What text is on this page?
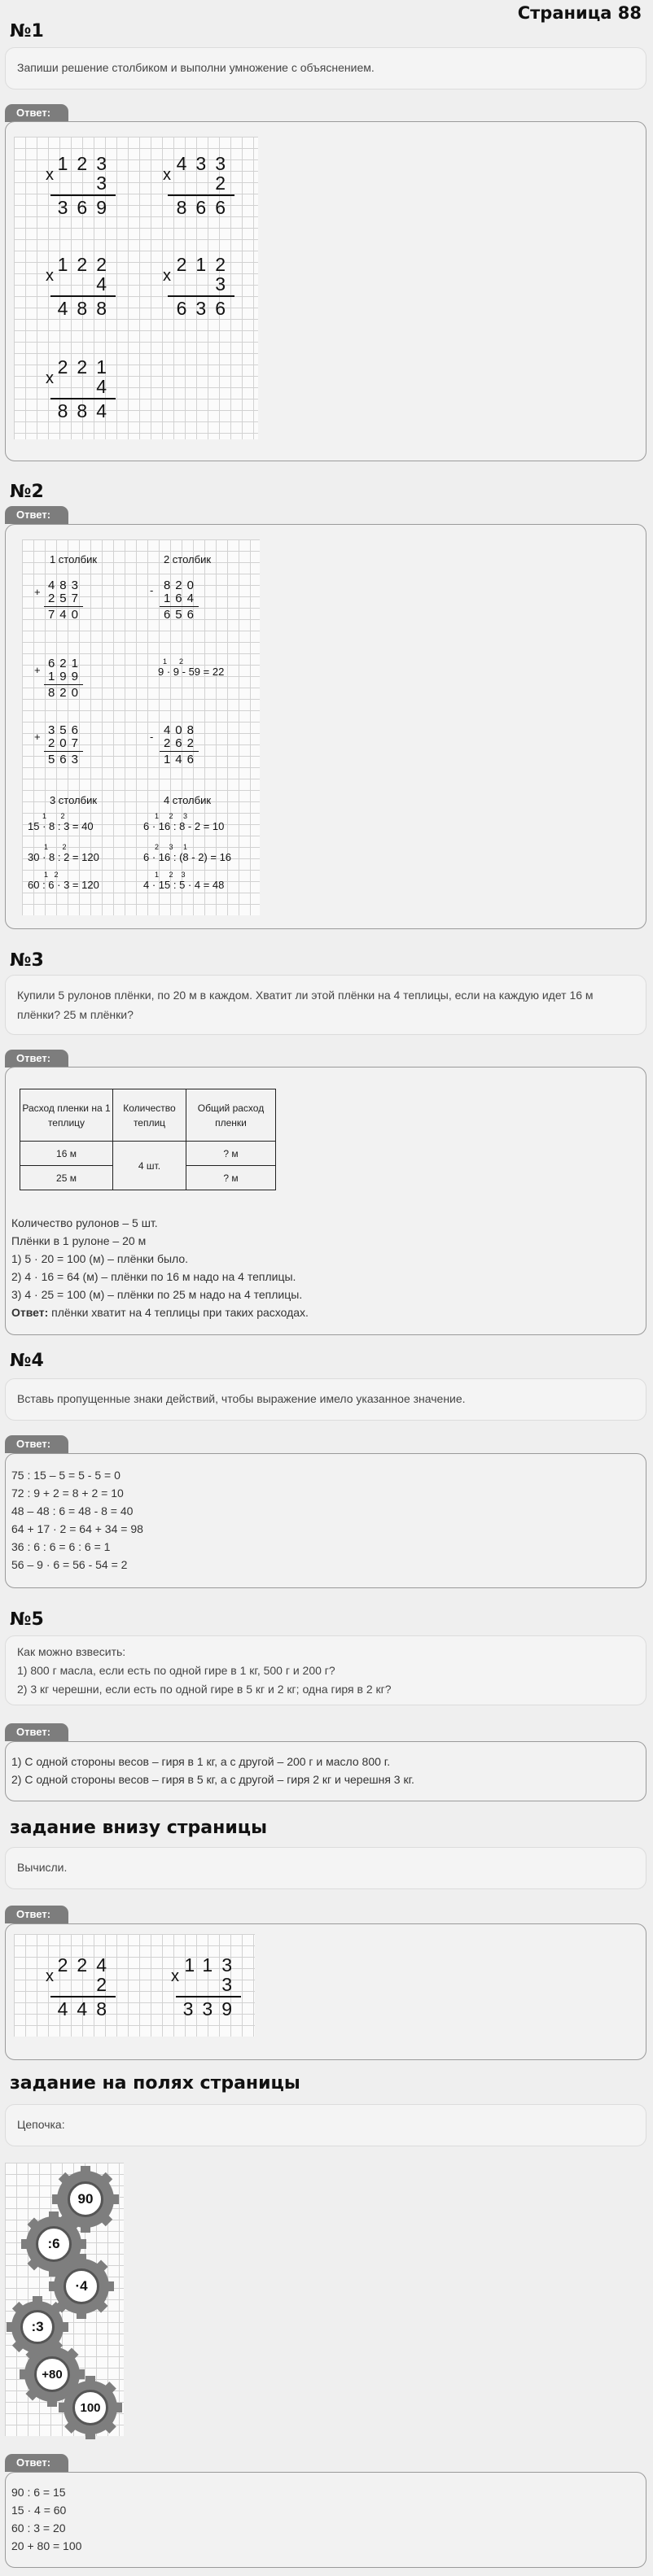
Страница 88
№1
Запиши решение столбиком и выполни умножение с объяснением.
Ответ:
x
123
3
369
x
433
2
866
x
122
4
488
x
212
3
636
x
221
4
884
№2
Ответ:
1 столбик	2 столбик
+ 483
257
740
- 820
164
656
+ 621
199
820
1      2
9 · 9 - 59 = 22
+ 356
207
563
- 408
262
146
3 столбик	4 столбик
1       2
15 · 8 : 3 = 40
1       2
30 · 8 : 2 = 120
1   2
60 : 6 · 3 = 120
1     2     3
6 · 16 : 8 - 2 = 10
2     3     1
6 · 16 : (8 - 2) = 16
1     2    3
4 · 15 : 5 · 4 = 48
№3
Купили 5 рулонов плёнки, по 20 м в каждом. Хватит ли этой плёнки на 4 теплицы, если на каждую идет 16 м плёнки? 25 м плёнки?
Ответ:
Расход пленки на 1 теплицу	Количество теплиц	Общий расход пленки
16 м	4 шт.	? м
25 м		? м
Количество рулонов – 5 шт.
Плёнки в 1 рулоне – 20 м
1) 5 · 20 = 100 (м) – плёнки было.
2) 4 · 16 = 64 (м) – плёнки по 16 м надо на 4 теплицы.
3) 4 · 25 = 100 (м) – плёнки по 25 м надо на 4 теплицы.
Ответ: плёнки хватит на 4 теплицы при таких расходах.
№4
Вставь пропущенные знаки действий, чтобы выражение имело указанное значение.
Ответ:
75 : 15 – 5 = 5 - 5 = 0
72 : 9 + 2 = 8 + 2 = 10
48 – 48 : 6 = 48 - 8 = 40
64 + 17 · 2 = 64 + 34 = 98
36 : 6 : 6 = 6 : 6 = 1
56 – 9 · 6 = 56 - 54 = 2
№5
Как можно взвесить:
1) 800 г масла, если есть по одной гире в 1 кг, 500 г и 200 г?
2) 3 кг черешни, если есть по одной гире в 5 кг и 2 кг; одна гиря в 2 кг?
Ответ:
1) С одной стороны весов – гиря в 1 кг, а с другой – 200 г и масло 800 г.
2) С одной стороны весов – гиря в 5 кг, а с другой – гиря 2 кг и черешня 3 кг.
задание внизу страницы
Вычисли.
Ответ:
x
224
2
448
x
113
3
339
задание на полях страницы
Цепочка:
90
:6
·4
:3
+80
100
Ответ:
90 : 6 = 15
15 · 4 = 60
60 : 3 = 20
20 + 80 = 100
